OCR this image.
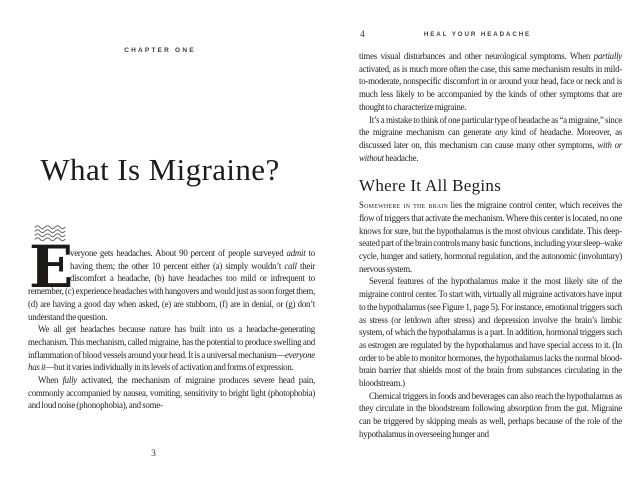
CHAPTER ONE
What Is Migraine?

E
veryone gets headaches. About 90 percent of people surveyed admit to having them; the other 10 percent either (a) simply wouldn’t call their discomfort a headache, (b) have headaches too mild or infrequent to remember, (c) experience headaches with hangovers and would just as soon forget them, (d) are having a good day when asked, (e) are stubborn, (f) are in denial, or (g) don’t understand the question.

We all get headaches because nature has built into us a headache-generating mechanism. This mechanism, called migraine, has the potential to produce swelling and inflammation of blood vessels around your head. It is a universal mechanism—everyone has it—but it varies individually in its levels of activation and forms of expression.

When fully activated, the mechanism of migraine produces severe head pain, commonly accompanied by nausea, vomiting, sensitivity to bright light (photophobia) and loud noise (phonophobia), and some-

3
4	HEAL YOUR HEADACHE

times visual disturbances and other neurological symptoms. When partially activated, as is much more often the case, this same mechanism results in mild-to-moderate, nonspecific discomfort in or around your head, face or neck and is much less likely to be accompanied by the kinds of other symptoms that are thought to characterize migraine.

It’s a mistake to think of one particular type of headache as “a migraine,” since the migraine mechanism can generate any kind of headache. Moreover, as discussed later on, this mechanism can cause many other symptoms, with or without headache.

Where It All Begins

Somewhere in the brain lies the migraine control center, which receives the flow of triggers that activate the mechanism. Where this center is located, no one knows for sure, but the hypothalamus is the most obvious candidate. This deep-seated part of the brain controls many basic functions, including your sleep–wake cycle, hunger and satiety, hormonal regulation, and the autonomic (involuntary) nervous system.

Several features of the hypothalamus make it the most likely site of the migraine control center. To start with, virtually all migraine activators have input to the hypothalamus (see Figure 1, page 5). For instance, emotional triggers such as stress (or letdown after stress) and depression involve the brain’s limbic system, of which the hypothalamus is a part. In addition, hormonal triggers such as estrogen are regulated by the hypothalamus and have special access to it. (In order to be able to monitor hormones, the hypothalamus lacks the normal blood-brain barrier that shields most of the brain from substances circulating in the bloodstream.)

Chemical triggers in foods and beverages can also reach the hypothalamus as they circulate in the bloodstream following absorption from the gut. Migraine can be triggered by skipping meals as well, perhaps because of the role of the hypothalamus in overseeing hunger and
